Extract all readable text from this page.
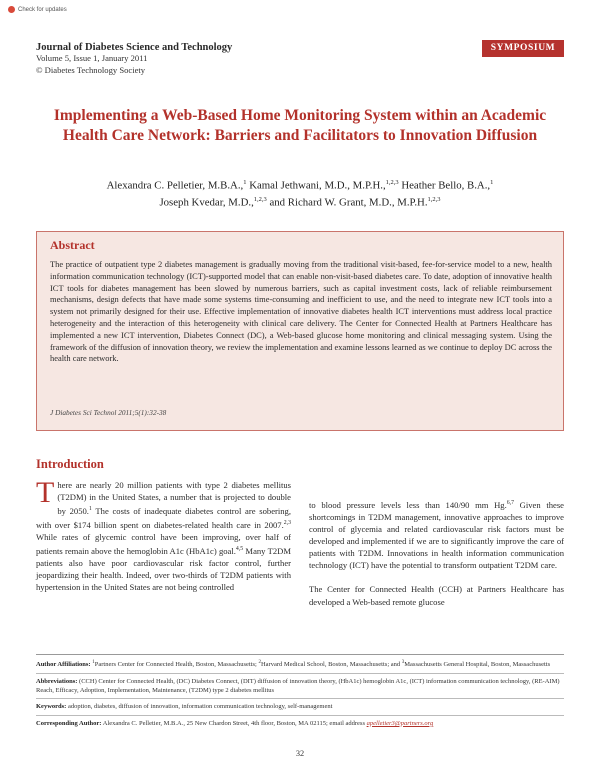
Check for updates
Journal of Diabetes Science and Technology
Volume 5, Issue 1, January 2011
© Diabetes Technology Society
SYMPOSIUM
Implementing a Web-Based Home Monitoring System within an Academic Health Care Network: Barriers and Facilitators to Innovation Diffusion
Alexandra C. Pelletier, M.B.A.,$^1$ Kamal Jethwani, M.D., M.P.H.,$^{1,2,3}$ Heather Bello, B.A.,$^1$
Joseph Kvedar, M.D.,$^{1,2,3}$ and Richard W. Grant, M.D., M.P.H.$^{1,2,3}$
Abstract
The practice of outpatient type 2 diabetes management is gradually moving from the traditional visit-based, fee-for-service model to a new, health information communication technology (ICT)-supported model that can enable non-visit-based diabetes care. To date, adoption of innovative health ICT tools for diabetes management has been slowed by numerous barriers, such as capital investment costs, lack of reliable reimbursement mechanisms, design defects that have made some systems time-consuming and inefficient to use, and the need to integrate new ICT tools into a system not primarily designed for their use. Effective implementation of innovative diabetes health ICT interventions must address local practice heterogeneity and the interaction of this heterogeneity with clinical care delivery. The Center for Connected Health at Partners Healthcare has implemented a new ICT intervention, Diabetes Connect (DC), a Web-based glucose home monitoring and clinical messaging system. Using the framework of the diffusion of innovation theory, we review the implementation and examine lessons learned as we continue to deploy DC across the health care network.
J Diabetes Sci Technol 2011;5(1):32-38
Introduction
There are nearly 20 million patients with type 2 diabetes mellitus (T2DM) in the United States, a number that is projected to double by 2050.$^1$ The costs of inadequate diabetes control are sobering, with over $174 billion spent on diabetes-related health care in 2007.$^{2,3}$ While rates of glycemic control have been improving, over half of patients remain above the hemoglobin A1c (HbA1c) goal.$^{4,5}$ Many T2DM patients also have poor cardiovascular risk factor control, further jeopardizing their health. Indeed, over two-thirds of T2DM patients with hypertension in the United States are not being controlled

to blood pressure levels less than 140/90 mm Hg.$^{6,7}$ Given these shortcomings in T2DM management, innovative approaches to improve control of glycemia and related cardiovascular risk factors must be developed and implemented if we are to significantly improve the care of patients with T2DM. Innovations in health information communication technology (ICT) have the potential to transform outpatient T2DM care.

The Center for Connected Health (CCH) at Partners Healthcare has developed a Web-based remote glucose

Author Affiliations: $^1$Partners Center for Connected Health, Boston, Massachusetts; $^2$Harvard Medical School, Boston, Massachusetts; and $^3$Massachusetts General Hospital, Boston, Massachusetts
Abbreviations: (CCH) Center for Connected Health, (DC) Diabetes Connect, (DIT) diffusion of innovation theory, (HbA1c) hemoglobin A1c, (ICT) information communication technology, (RE-AIM) Reach, Efficacy, Adoption, Implementation, Maintenance, (T2DM) type 2 diabetes mellitus
Keywords: adoption, diabetes, diffusion of innovation, information communication technology, self-management
Corresponding Author: Alexandra C. Pelletier, M.B.A., 25 New Chardon Street, 4th floor, Boston, MA 02115; email address apelletier3@partners.org
32
